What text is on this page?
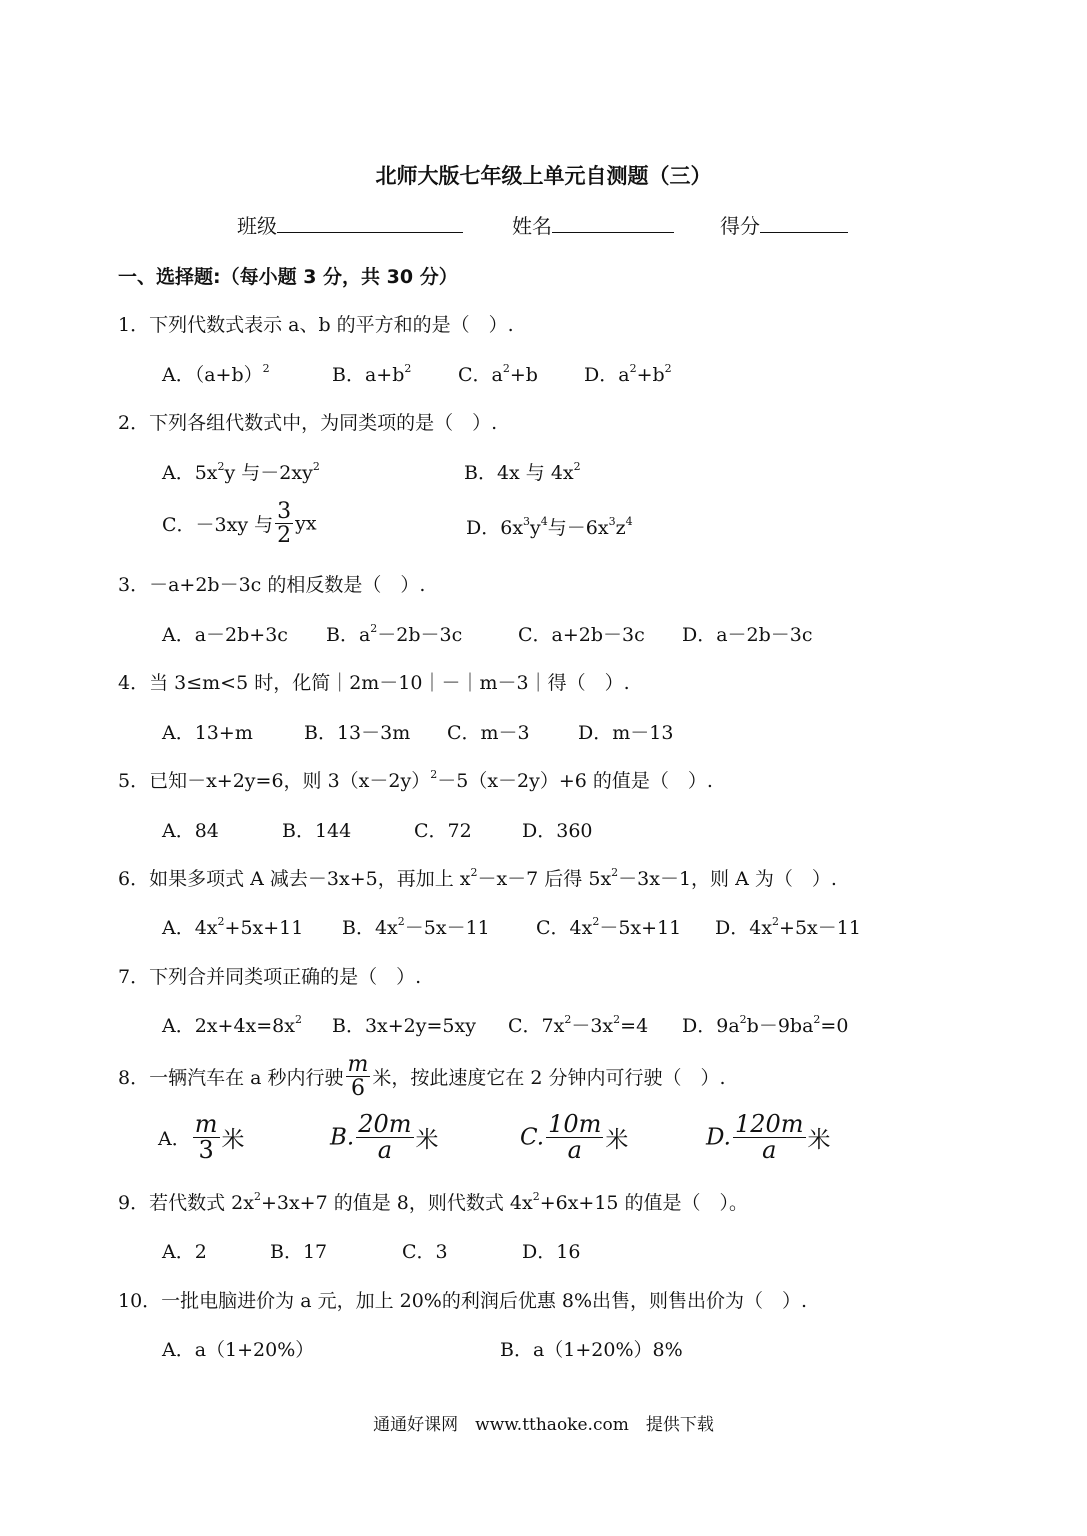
北师大版七年级上单元自测题（三）
班级	姓名	得分
一、选择题:（每小题 3 分，共 30 分）
1．下列代数式表示 a、b 的平方和的是（　）.
A．$(a+b)^2$	B．$a+b^2$ C．$a^2+b$ D．$a^2+b^2$
2．下列各组代数式中，为同类项的是（　）.
A．$5x^2y$ 与$-2xy^2$	B．4x 与 $4x^2$
C．－3xy 与 $\frac{3}{2}$ yx	D．$6x^3y^4$与$-6x^3z^4$
3．－a+2b－3c 的相反数是（　）.
A．a－2b+3c B．$a^2-2b-3c$	C．a+2b－3c D．a－2b－3c
4．当 3≤m<5 时，化简｜2m－10｜－｜m－3｜得（　）.
A．13+m	B．13－3m C．m－3	D．m－13
5．已知－x+2y=6，则 $3(x-2y)^2-5(x-2y)+6$ 的值是（　）.
A．84	B．144	C．72	D．360
6．如果多项式 A 减去－3x+5，再加上 $x^2-x-7$ 后得 $5x^2-3x-1$，则 A 为（　）.
A．$4x^2+5x+11$ B．$4x^2-5x-11$ C．$4x^2-5x+11$ D．$4x^2+5x-11$
7．下列合并同类项正确的是（　）.
A．$2x+4x=8x^2$ B．3x+2y=5xy C．$7x^2-3x^2=4$ D．$9a^2b-9ba^2=0$
8．一辆汽车在 a 秒内行驶 $\frac{m}{6}$ 米，按此速度它在 2 分钟内可行驶（　）.
A． $\frac{m}{3}$ 米	B. $\frac{20m}{a}$ 米	C. $\frac{10m}{a}$ 米	D. $\frac{120m}{a}$ 米
9．若代数式 $2x^2+3x+7$ 的值是 8，则代数式 $4x^2+6x+15$ 的值是（　）。
A．2	B．17	C．3	D．16
10．一批电脑进价为 a 元，加上 20%的利润后优惠 8%出售，则售出价为（　）.
A．a（1+20%）	B．a（1+20%）8%
通通好课网　www.tthaoke.com　提供下载
